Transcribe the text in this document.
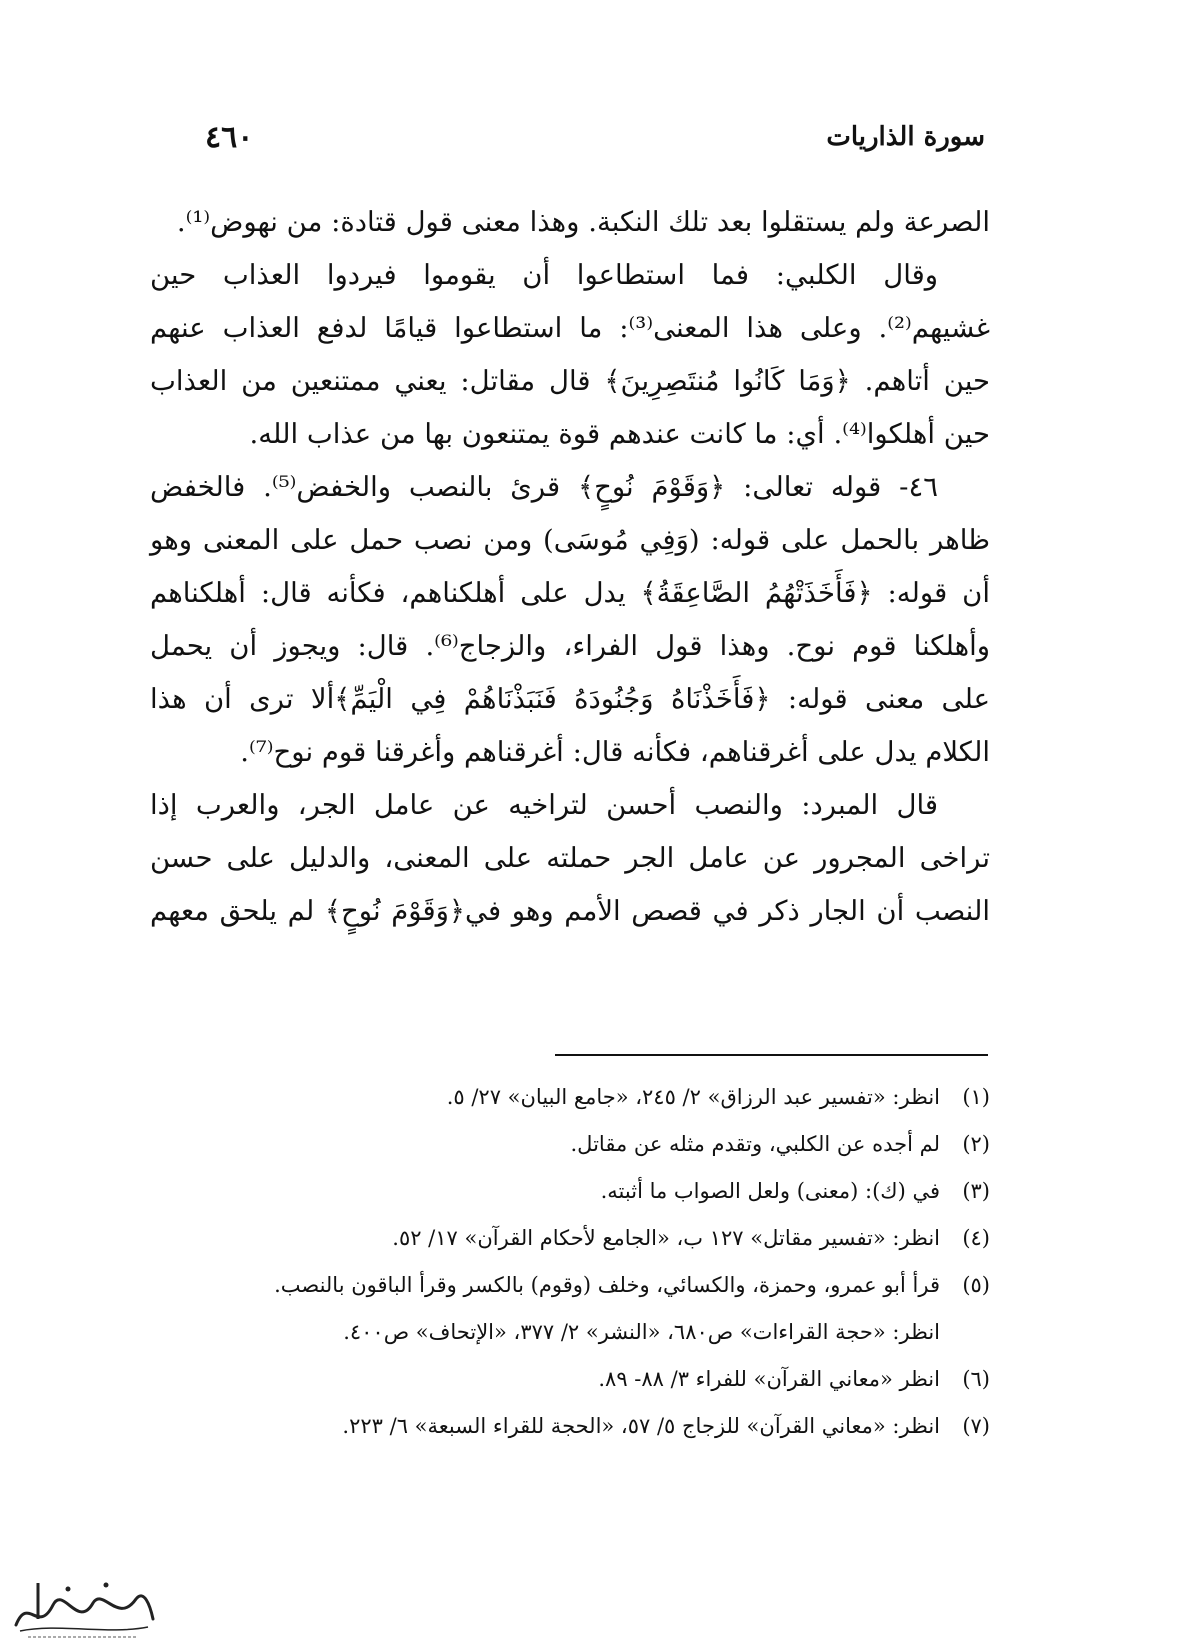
سورة الذاريات
٤٦٠
الصرعة ولم يستقلوا بعد تلك النكبة. وهذا معنى قول قتادة: من نهوض⁽¹⁾.
وقال الكلبي: فما استطاعوا أن يقوموا فيردوا العذاب حين
غشيهم⁽²⁾. وعلى هذا المعنى⁽³⁾: ما استطاعوا قيامًا لدفع العذاب عنهم
حين أتاهم. ﴿وَمَا كَانُوا مُنتَصِرِينَ﴾ قال مقاتل: يعني ممتنعين من العذاب
حين أهلكوا⁽⁴⁾. أي: ما كانت عندهم قوة يمتنعون بها من عذاب الله.
٤٦- قوله تعالى: ﴿وَقَوْمَ نُوحٍ﴾ قرئ بالنصب والخفض⁽⁵⁾. فالخفض
ظاهر بالحمل على قوله: (وَفِي مُوسَى) ومن نصب حمل على المعنى وهو
أن قوله: ﴿فَأَخَذَتْهُمُ الصَّاعِقَةُ﴾ يدل على أهلكناهم، فكأنه قال: أهلكناهم
وأهلكنا قوم نوح. وهذا قول الفراء، والزجاج⁽⁶⁾. قال: ويجوز أن يحمل
على معنى قوله: ﴿فَأَخَذْنَاهُ وَجُنُودَهُ فَنَبَذْنَاهُمْ فِي الْيَمِّ﴾ألا ترى أن هذا
الكلام يدل على أغرقناهم، فكأنه قال: أغرقناهم وأغرقنا قوم نوح⁽⁷⁾.
قال المبرد: والنصب أحسن لتراخيه عن عامل الجر، والعرب إذا
تراخى المجرور عن عامل الجر حملته على المعنى، والدليل على حسن
النصب أن الجار ذكر في قصص الأمم وهو في﴿وَقَوْمَ نُوحٍ﴾ لم يلحق معهم
(١)
انظر: «تفسير عبد الرزاق» ٢/ ٢٤٥، «جامع البيان» ٢٧/ ٥.
(٢)
لم أجده عن الكلبي، وتقدم مثله عن مقاتل.
(٣)
في (ك): (معنى) ولعل الصواب ما أثبته.
(٤)
انظر: «تفسير مقاتل» ١٢٧ ب، «الجامع لأحكام القرآن» ١٧/ ٥٢.
(٥)
قرأ أبو عمرو، وحمزة، والكسائي، وخلف (وقوم) بالكسر وقرأ الباقون بالنصب.
انظر: «حجة القراءات» ص٦٨٠، «النشر» ٢/ ٣٧٧، «الإتحاف» ص٤٠٠.
(٦)
انظر «معاني القرآن» للفراء ٣/ ٨٨- ٨٩.
(٧)
انظر: «معاني القرآن» للزجاج ٥/ ٥٧، «الحجة للقراء السبعة» ٦/ ٢٢٣.
